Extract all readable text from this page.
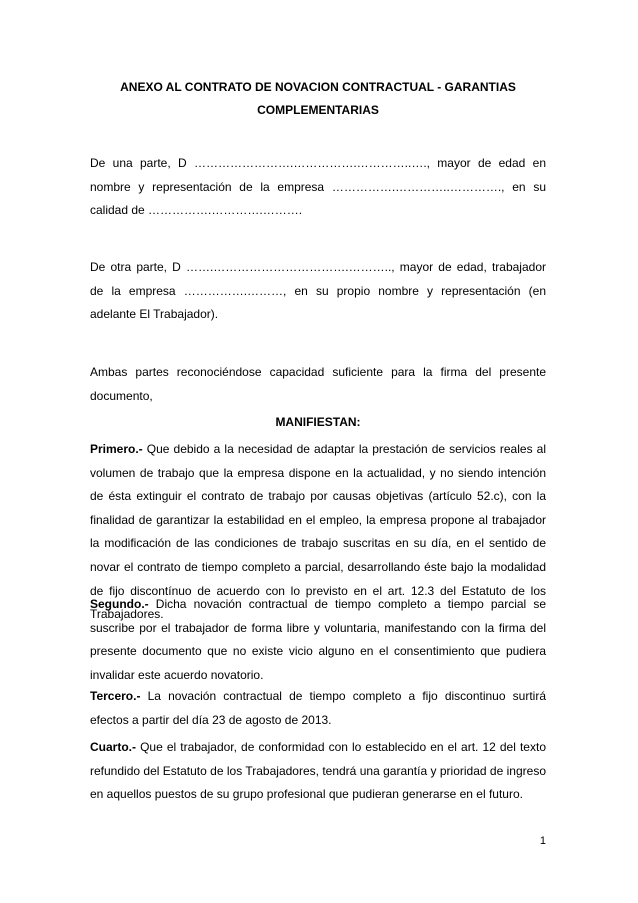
ANEXO AL CONTRATO DE NOVACION CONTRACTUAL - GARANTIAS
COMPLEMENTARIAS
De una parte, D …………………….…………….…………..…., mayor de edad en nombre y representación de la empresa …………….…………..…………., en su calidad de …………….………….……….
De otra parte, D …….…………………………….……….., mayor de edad, trabajador de la empresa …………….………, en su propio nombre y representación (en adelante El Trabajador).
Ambas partes reconociéndose capacidad suficiente para la firma del presente documento,
MANIFIESTAN:
Primero.- Que debido a la necesidad de adaptar la prestación de servicios reales al volumen de trabajo que la empresa dispone en la actualidad, y no siendo intención de ésta extinguir el contrato de trabajo por causas objetivas (artículo 52.c), con la finalidad de garantizar la estabilidad en el empleo, la empresa propone al trabajador la modificación de las condiciones de trabajo suscritas en su día, en el sentido de novar el contrato de tiempo completo a parcial, desarrollando éste bajo la modalidad de fijo discontínuo de acuerdo con lo previsto en el art. 12.3 del Estatuto de los Trabajadores.
Segundo.- Dicha novación contractual de tiempo completo a tiempo parcial se suscribe por el trabajador de forma libre y voluntaria, manifestando con la firma del presente documento que no existe vicio alguno en el consentimiento que pudiera invalidar este acuerdo novatorio.
Tercero.- La novación contractual de tiempo completo a fijo discontinuo surtirá efectos a partir del día 23 de agosto de 2013.
Cuarto.- Que el trabajador, de conformidad con lo establecido en el art. 12 del texto refundido del Estatuto de los Trabajadores, tendrá una garantía y prioridad de ingreso en aquellos puestos de su grupo profesional que pudieran generarse en el futuro.
1
